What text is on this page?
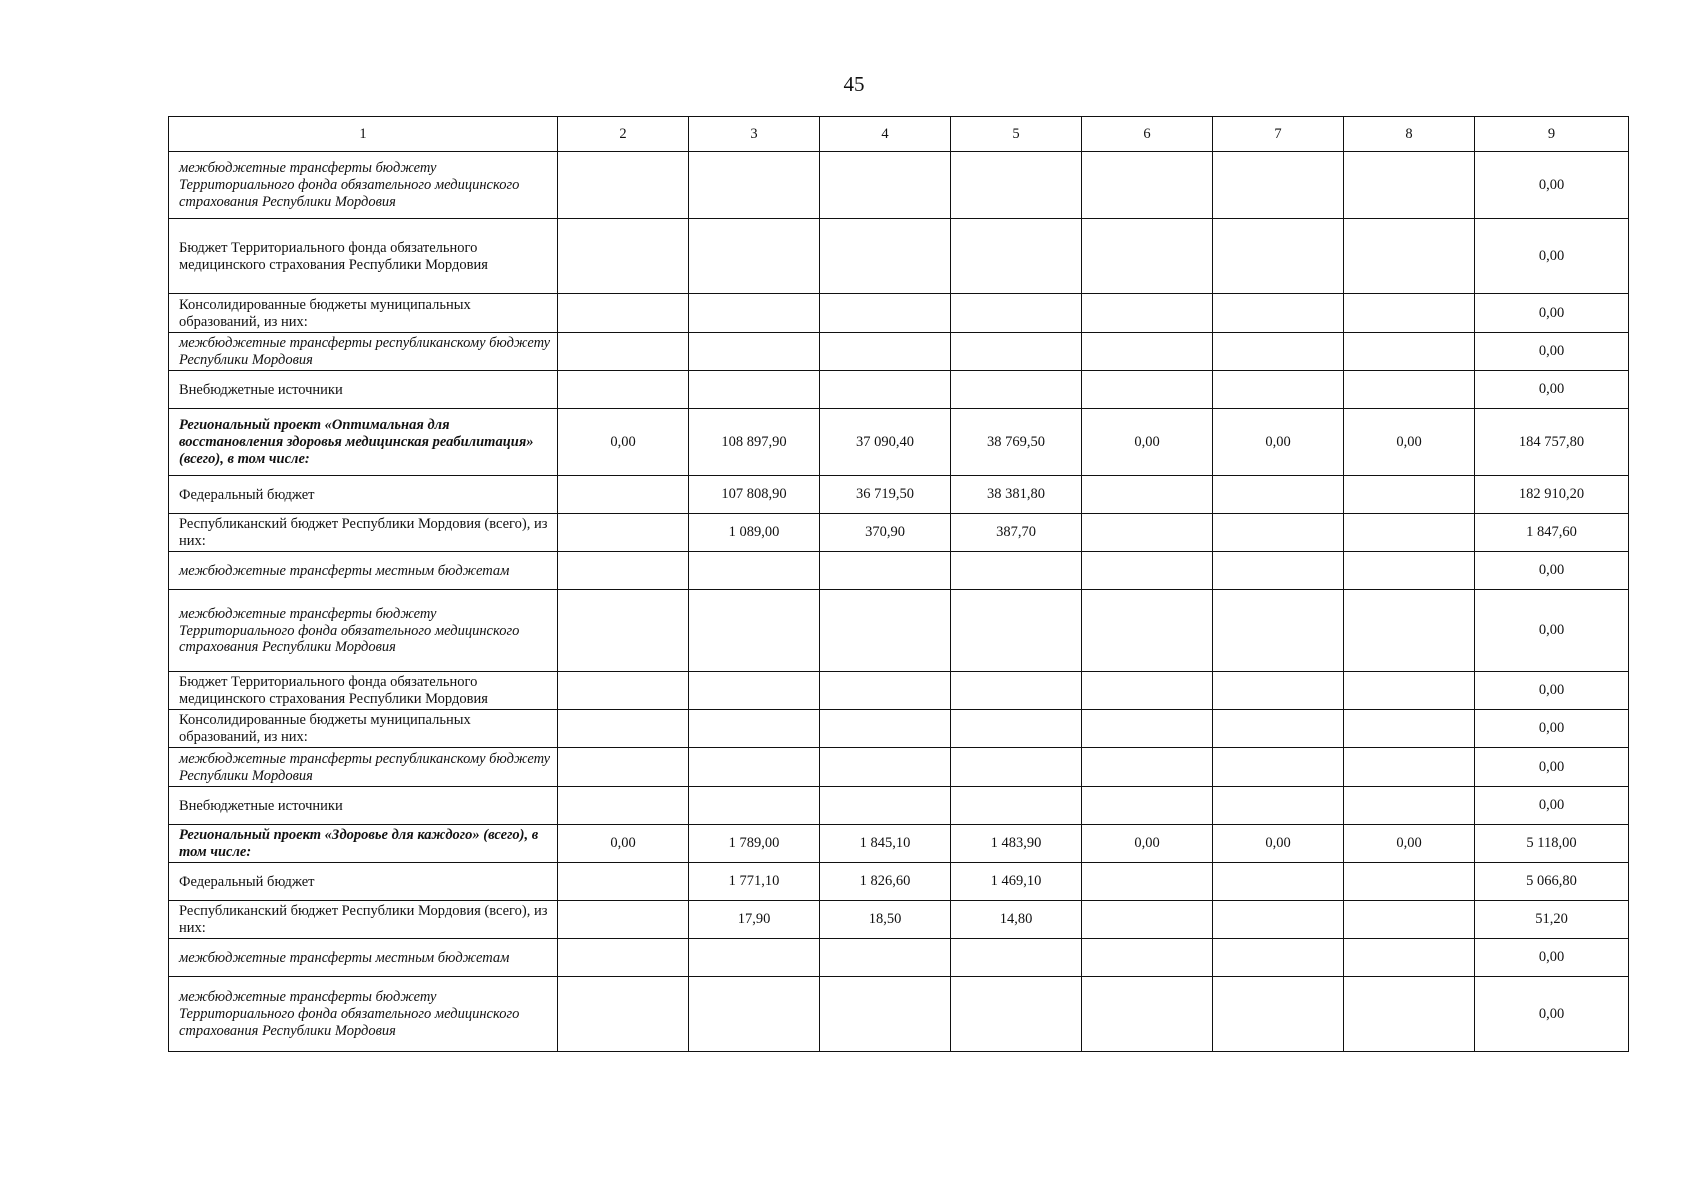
45
1	2	3	4	5	6	7	8	9
межбюджетные трансферты бюджету Территориального фонда обязательного медицинского страхования Республики Мордовия								0,00
Бюджет Территориального фонда обязательного медицинского страхования Республики Мордовия								0,00
Консолидированные бюджеты муниципальных образований, из них:								0,00
межбюджетные трансферты республиканскому бюджету Республики Мордовия								0,00
Внебюджетные источники								0,00
Региональный проект «Оптимальная для восстановления здоровья медицинская реабилитация» (всего), в том числе:	0,00	108 897,90	37 090,40	38 769,50	0,00	0,00	0,00	184 757,80
Федеральный бюджет		107 808,90	36 719,50	38 381,80				182 910,20
Республиканский бюджет Республики Мордовия (всего), из них:		1 089,00	370,90	387,70				1 847,60
межбюджетные трансферты местным бюджетам								0,00
межбюджетные трансферты бюджету Территориального фонда обязательного медицинского страхования Республики Мордовия								0,00
Бюджет Территориального фонда обязательного медицинского страхования Республики Мордовия								0,00
Консолидированные бюджеты муниципальных образований, из них:								0,00
межбюджетные трансферты республиканскому бюджету Республики Мордовия								0,00
Внебюджетные источники								0,00
Региональный проект «Здоровье для каждого» (всего), в том числе:	0,00	1 789,00	1 845,10	1 483,90	0,00	0,00	0,00	5 118,00
Федеральный бюджет		1 771,10	1 826,60	1 469,10				5 066,80
Республиканский бюджет Республики Мордовия (всего), из них:		17,90	18,50	14,80				51,20
межбюджетные трансферты местным бюджетам								0,00
межбюджетные трансферты бюджету Территориального фонда обязательного медицинского страхования Республики Мордовия								0,00
